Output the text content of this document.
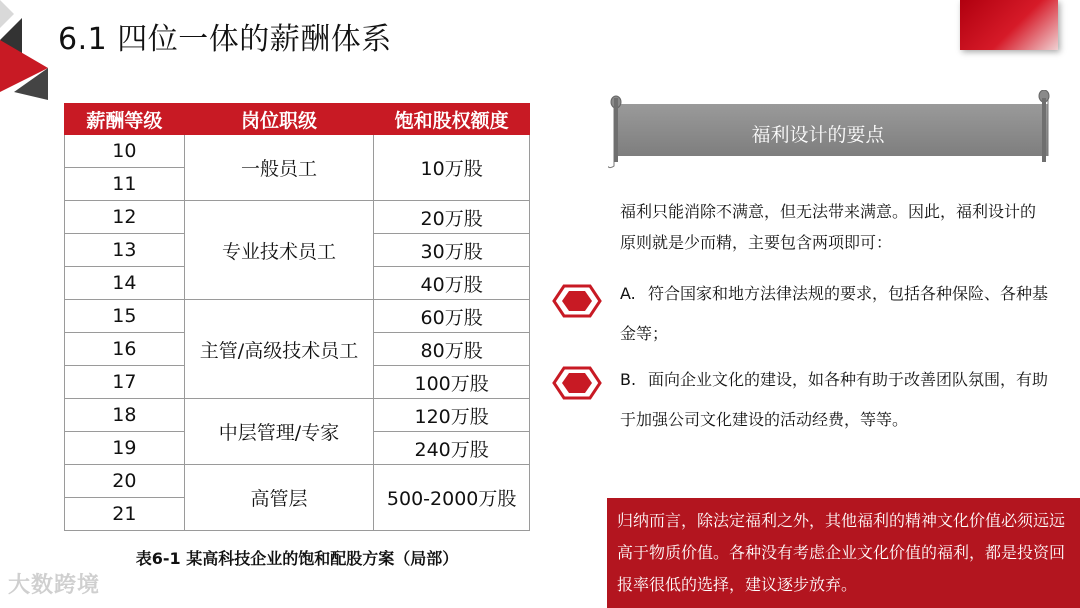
6.1 四位一体的薪酬体系
薪酬等级	岗位职级	饱和股权额度
10	一般员工	10万股
11		
12	专业技术员工	20万股
13		30万股
14		40万股
15	主管/高级技术员工	60万股
16		80万股
17		100万股
18	中层管理/专家	120万股
19		240万股
20	高管层	500-2000万股
21		
表6-1 某高科技企业的饱和配股方案（局部）
大数跨境
福利设计的要点
福利只能消除不满意，但无法带来满意。因此，福利设计的原则就是少而精，主要包含两项即可：
A. 符合国家和地方法律法规的要求，包括各种保险、各种基金等；
B. 面向企业文化的建设，如各种有助于改善团队氛围，有助于加强公司文化建设的活动经费，等等。
归纳而言，除法定福利之外，其他福利的精神文化价值必须远远高于物质价值。各种没有考虑企业文化价值的福利，都是投资回报率很低的选择，建议逐步放弃。
